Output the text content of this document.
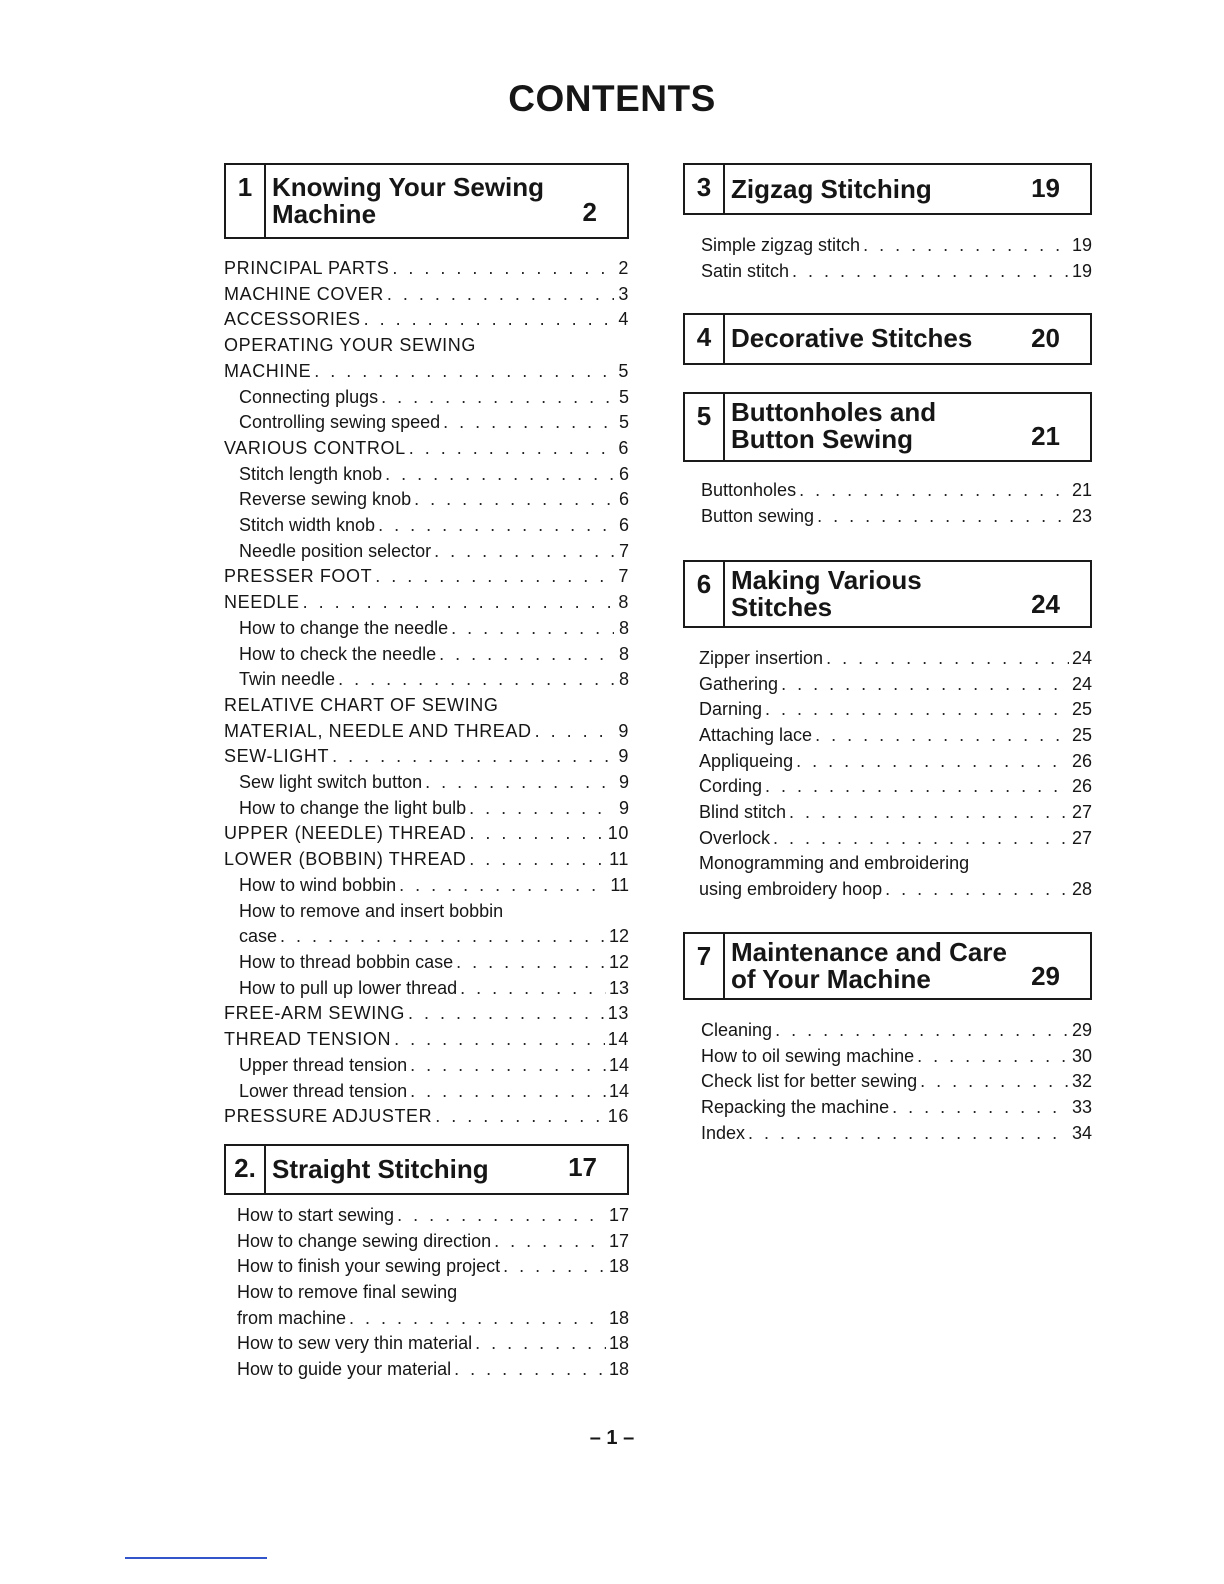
CONTENTS
1 Knowing Your Sewing
Machine	2
PRINCIPAL PARTS . . .	2
MACHINE COVER . . .	3
ACCESSORIES . . .	4
OPERATING YOUR SEWING
MACHINE . . .	5
Connecting plugs . . .	5
Controlling sewing speed . . .	5
VARIOUS CONTROL . . .	6
Stitch length knob . . .	6
Reverse sewing knob . . .	6
Stitch width knob . . .	6
Needle position selector . . .	7
PRESSER FOOT . . .	7
NEEDLE . . .	8
How to change the needle . . .	8
How to check the needle . . .	8
Twin needle . . .	8
RELATIVE CHART OF SEWING
MATERIAL, NEEDLE AND THREAD . . .	9
SEW-LIGHT . . .	9
Sew light switch button . . .	9
How to change the light bulb . . .	9
UPPER (NEEDLE) THREAD . . .	10
LOWER (BOBBIN) THREAD . . .	11
How to wind bobbin . . .	11
How to remove and insert bobbin
case . . .	12
How to thread bobbin case . . .	12
How to pull up lower thread . . .	13
FREE-ARM SEWING . . .	13
THREAD TENSION . . .	14
Upper thread tension . . .	14
Lower thread tension . . .	14
PRESSURE ADJUSTER . . .	16
2. Straight Stitching	17
How to start sewing . . .	17
How to change sewing direction . . .	17
How to finish your sewing project . . .	18
How to remove final sewing
from machine . . .	18
How to sew very thin material . . .	18
How to guide your material . . .	18
3 Zigzag Stitching	19
Simple zigzag stitch . . .	19
Satin stitch . . .	19
4 Decorative Stitches	20
5 Buttonholes and
Button Sewing	21
Buttonholes . . .	21
Button sewing . . .	23
6 Making Various
Stitches	24
Zipper insertion . . .	24
Gathering . . .	24
Darning . . .	25
Attaching lace . . .	25
Appliqueing . . .	26
Cording . . .	26
Blind stitch . . .	27
Overlock . . .	27
Monogramming and embroidering
using embroidery hoop . . .	28
7 Maintenance and Care
of Your Machine	29
Cleaning . . .	29
How to oil sewing machine . . .	30
Check list for better sewing . . .	32
Repacking the machine . . .	33
Index . . .	34
– 1 –
